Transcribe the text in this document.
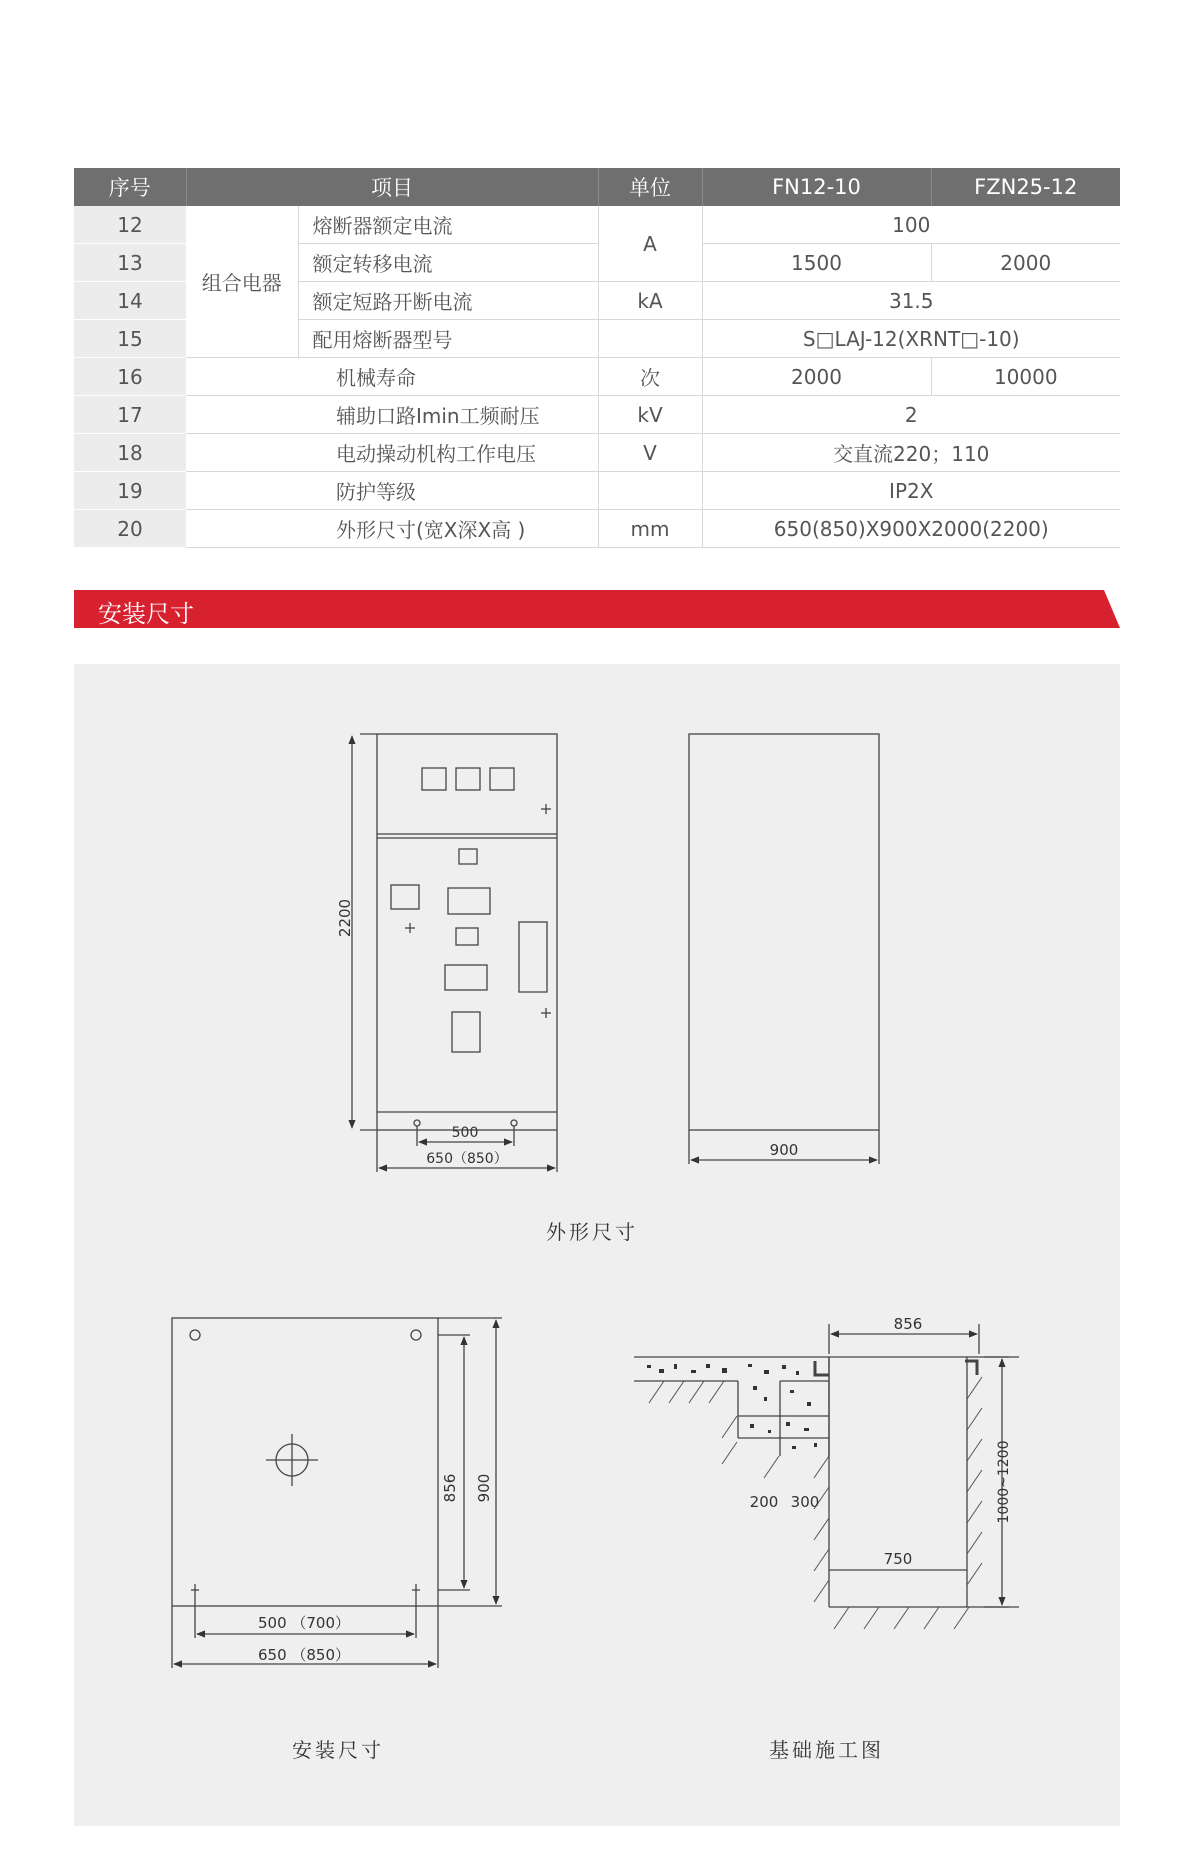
序号	项目		单位	FN12-10	FZN25-12
12	组合电器	熔断器额定电流	A	100	
13		额定转移电流		1500	2000
14		额定短路开断电流	kA	31.5	
15		配用熔断器型号		S□LAJ-12(XRNT□-10)	
16	机械寿命		次	2000	10000
17	辅助口路Imin工频耐压		kV	2	
18	电动操动机构工作电压		V	交直流220；110	
19	防护等级			IP2X	
20	外形尺寸(宽X深X高 )		mm	650(850)X900X2000(2200)	
安装尺寸
2200
500
650（850）	900
856 900
500 （700）
650 （850）
856
200 300
750
1000~1200
外形尺寸
安装尺寸	基础施工图
